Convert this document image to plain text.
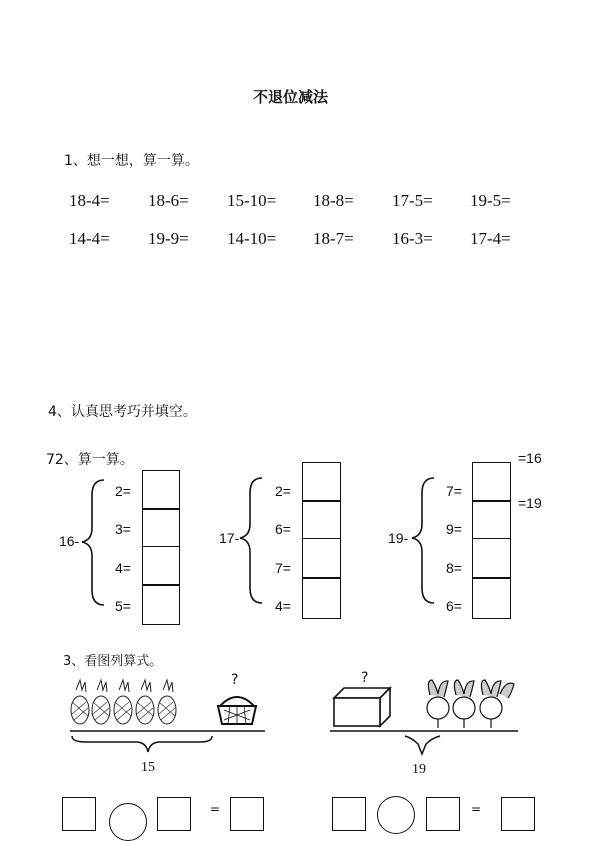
不退位减法
1、想一想，算一算。
18-4= 18-6= 15-10= 18-8= 17-5= 19-5=
14-4= 19-9= 14-10= 18-7= 16-3= 17-4=
4、认真思考巧并填空。
72、算一算。	=16
=19
16-
2=
3=
4=
5=
17-
2=
6=
7=
4=
19-
7=
9=
8=
6=
3、看图列算式。
?
15
=
?
19
=
